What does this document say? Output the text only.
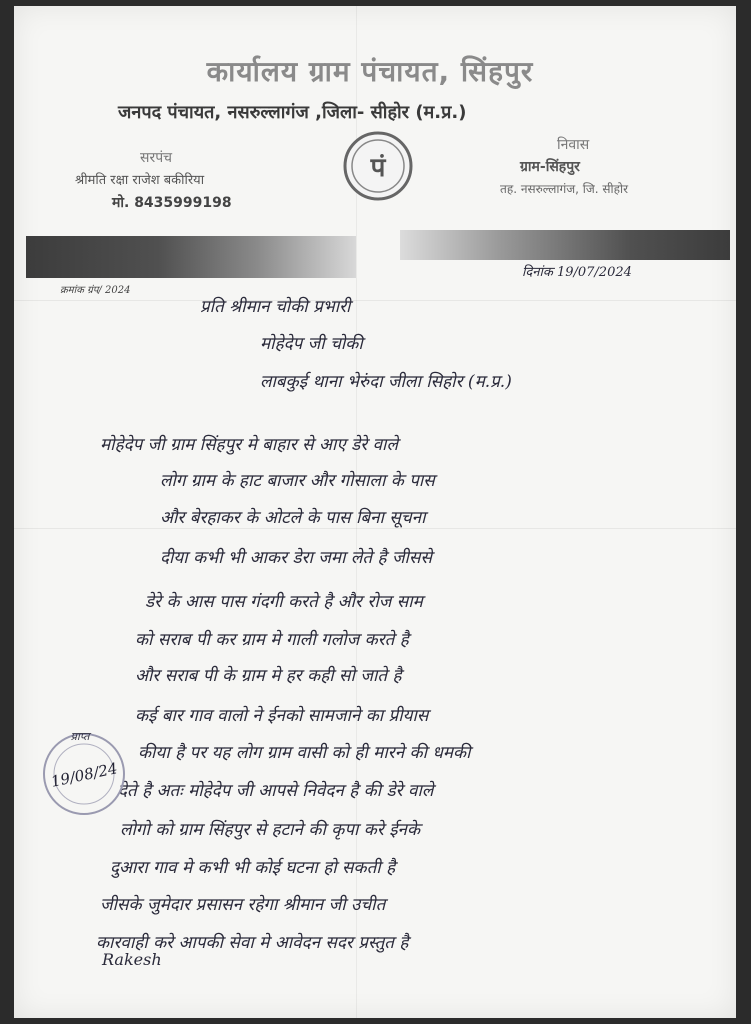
कार्यालय ग्राम पंचायत, सिंहपुर
जनपद पंचायत, नसरुल्लागंज ,जिला- सीहोर (म.प्र.)
सरपंच
श्रीमति रक्षा राजेश बकीरिया
मो. 8435999198
पं
निवास
ग्राम-सिंहपुर
तह. नसरुल्लागंज, जि. सीहोर
दिनांक 19/07/2024
क्रमांक ग्रंप/ 2024
प्रति श्रीमान चोकी प्रभारी
मोहेदेप जी चोकी
लाबकुई थाना भेरुंदा जीला सिहोर (म.प्र.)
मोहेदेप जी ग्राम सिंहपुर मे बाहार से आए डेरे वाले
लोग ग्राम के हाट बाजार और गोसाला के पास
और बेरहाकर के ओटले के पास बिना सूचना
दीया कभी भी आकर डेरा जमा लेते है जीससे
डेरे के आस पास गंदगी करते है और रोज साम
को सराब पी कर ग्राम मे गाली गलोज करते है
और सराब पी के ग्राम मे हर कही सो जाते है
कई बार गाव वालो ने ईनको सामजाने का प्रीयास
कीया है पर यह लोग ग्राम वासी को ही मारने की धमकी
देते है अतः मोहेदेप जी आपसे निवेदन है की डेरे वाले
लोगो को ग्राम सिंहपुर से हटाने की कृपा करे ईनके
दुआरा गाव मे कभी भी कोई घटना हो सकती है
जीसके जुमेदार प्रसासन रहेगा श्रीमान जी उचीत
कारवाही करे आपकी सेवा मे आवेदन सदर प्रस्तुत है
प्राप्त
19/08/24
Rakesh
